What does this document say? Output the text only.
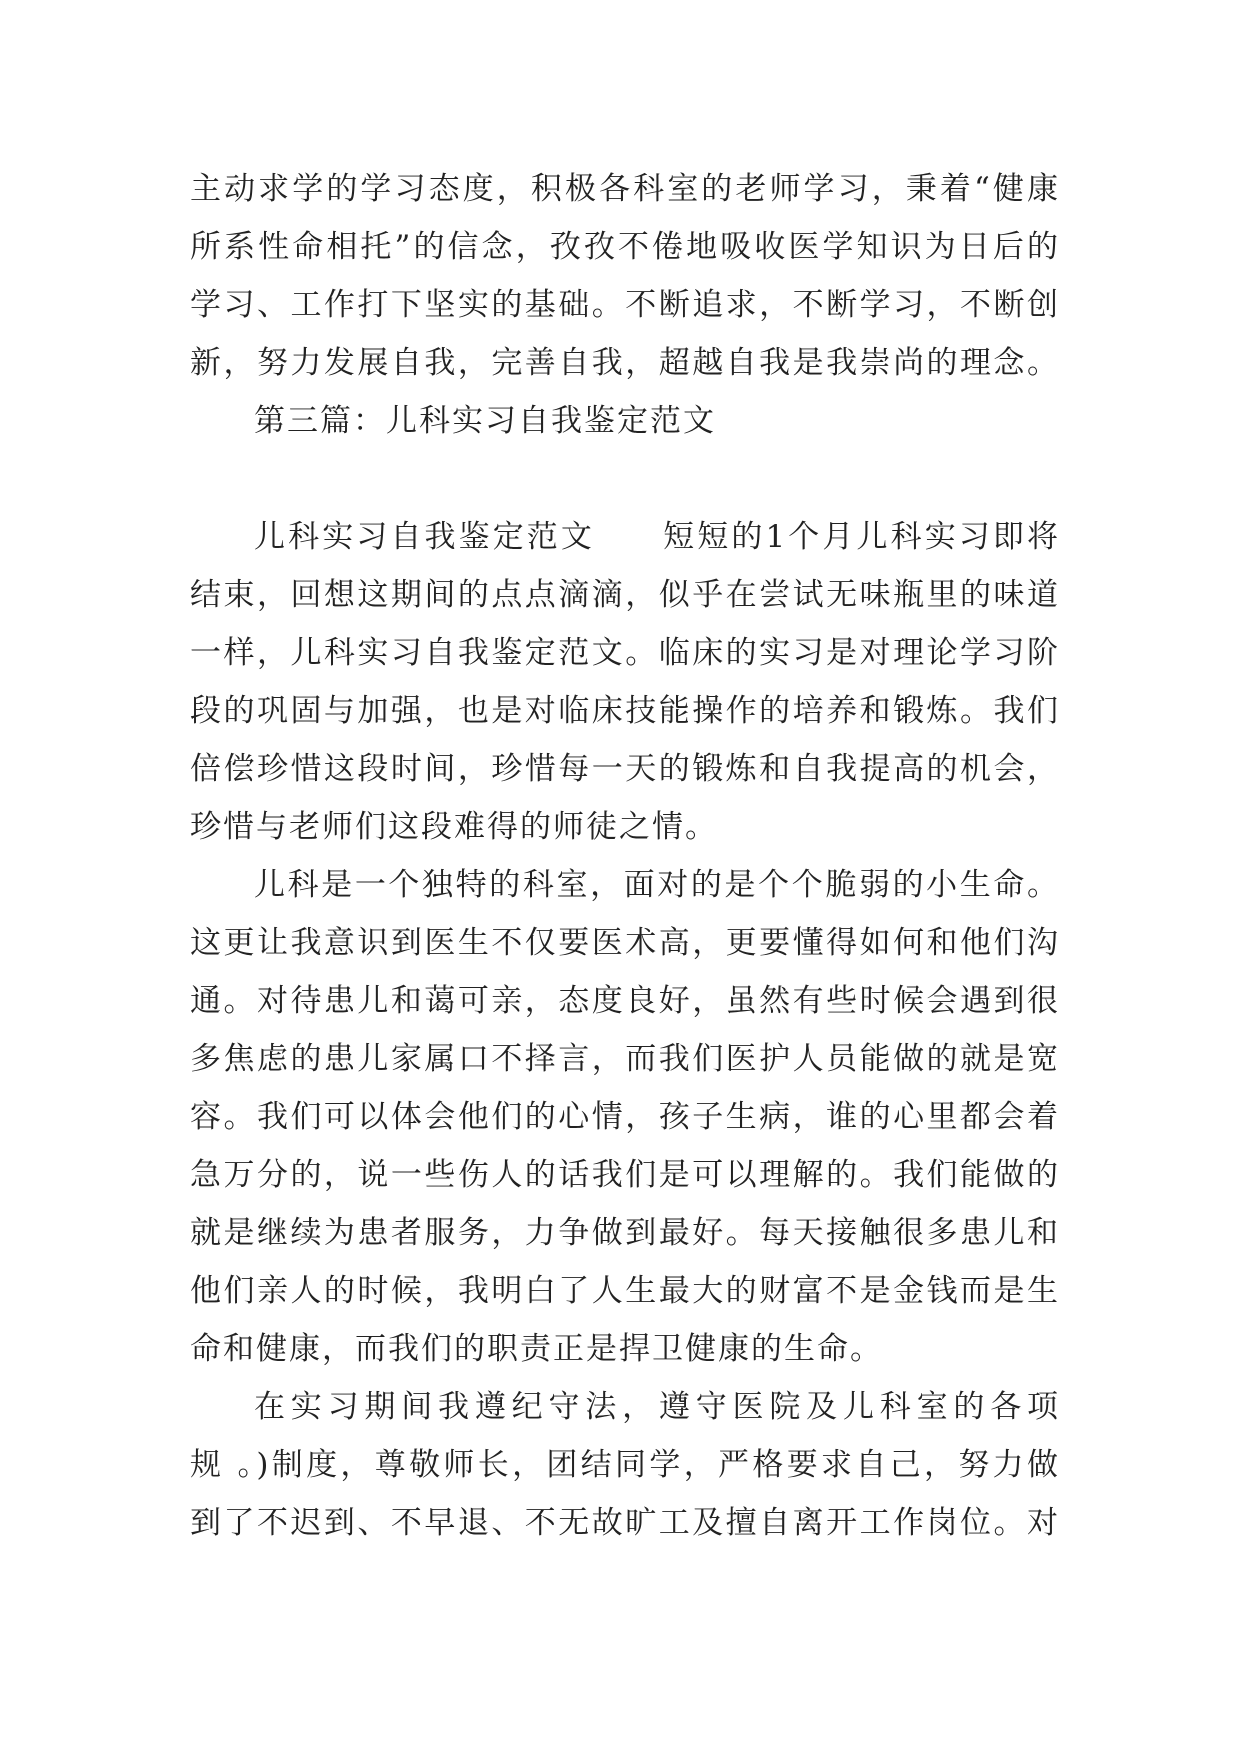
主动求学的学习态度，积极各科室的老师学习，秉着“健康
所系性命相托”的信念，孜孜不倦地吸收医学知识为日后的
学习、工作打下坚实的基础。不断追求，不断学习，不断创
新，努力发展自我，完善自我，超越自我是我崇尚的理念。
第三篇：儿科实习自我鉴定范文
儿科实习自我鉴定范文　　短短的1个月儿科实习即将
结束，回想这期间的点点滴滴，似乎在尝试无味瓶里的味道
一样，儿科实习自我鉴定范文。临床的实习是对理论学习阶
段的巩固与加强，也是对临床技能操作的培养和锻炼。我们
倍偿珍惜这段时间，珍惜每一天的锻炼和自我提高的机会，
珍惜与老师们这段难得的师徒之情。
儿科是一个独特的科室，面对的是个个脆弱的小生命。
这更让我意识到医生不仅要医术高，更要懂得如何和他们沟
通。对待患儿和蔼可亲，态度良好，虽然有些时候会遇到很
多焦虑的患儿家属口不择言，而我们医护人员能做的就是宽
容。我们可以体会他们的心情，孩子生病，谁的心里都会着
急万分的，说一些伤人的话我们是可以理解的。我们能做的
就是继续为患者服务，力争做到最好。每天接触很多患儿和
他们亲人的时候，我明白了人生最大的财富不是金钱而是生
命和健康，而我们的职责正是捍卫健康的生命。
在实习期间我遵纪守法，遵守医院及儿科室的各项
规 。)制度，尊敬师长，团结同学，严格要求自己，努力做
到了不迟到、不早退、不无故旷工及擅自离开工作岗位。对
